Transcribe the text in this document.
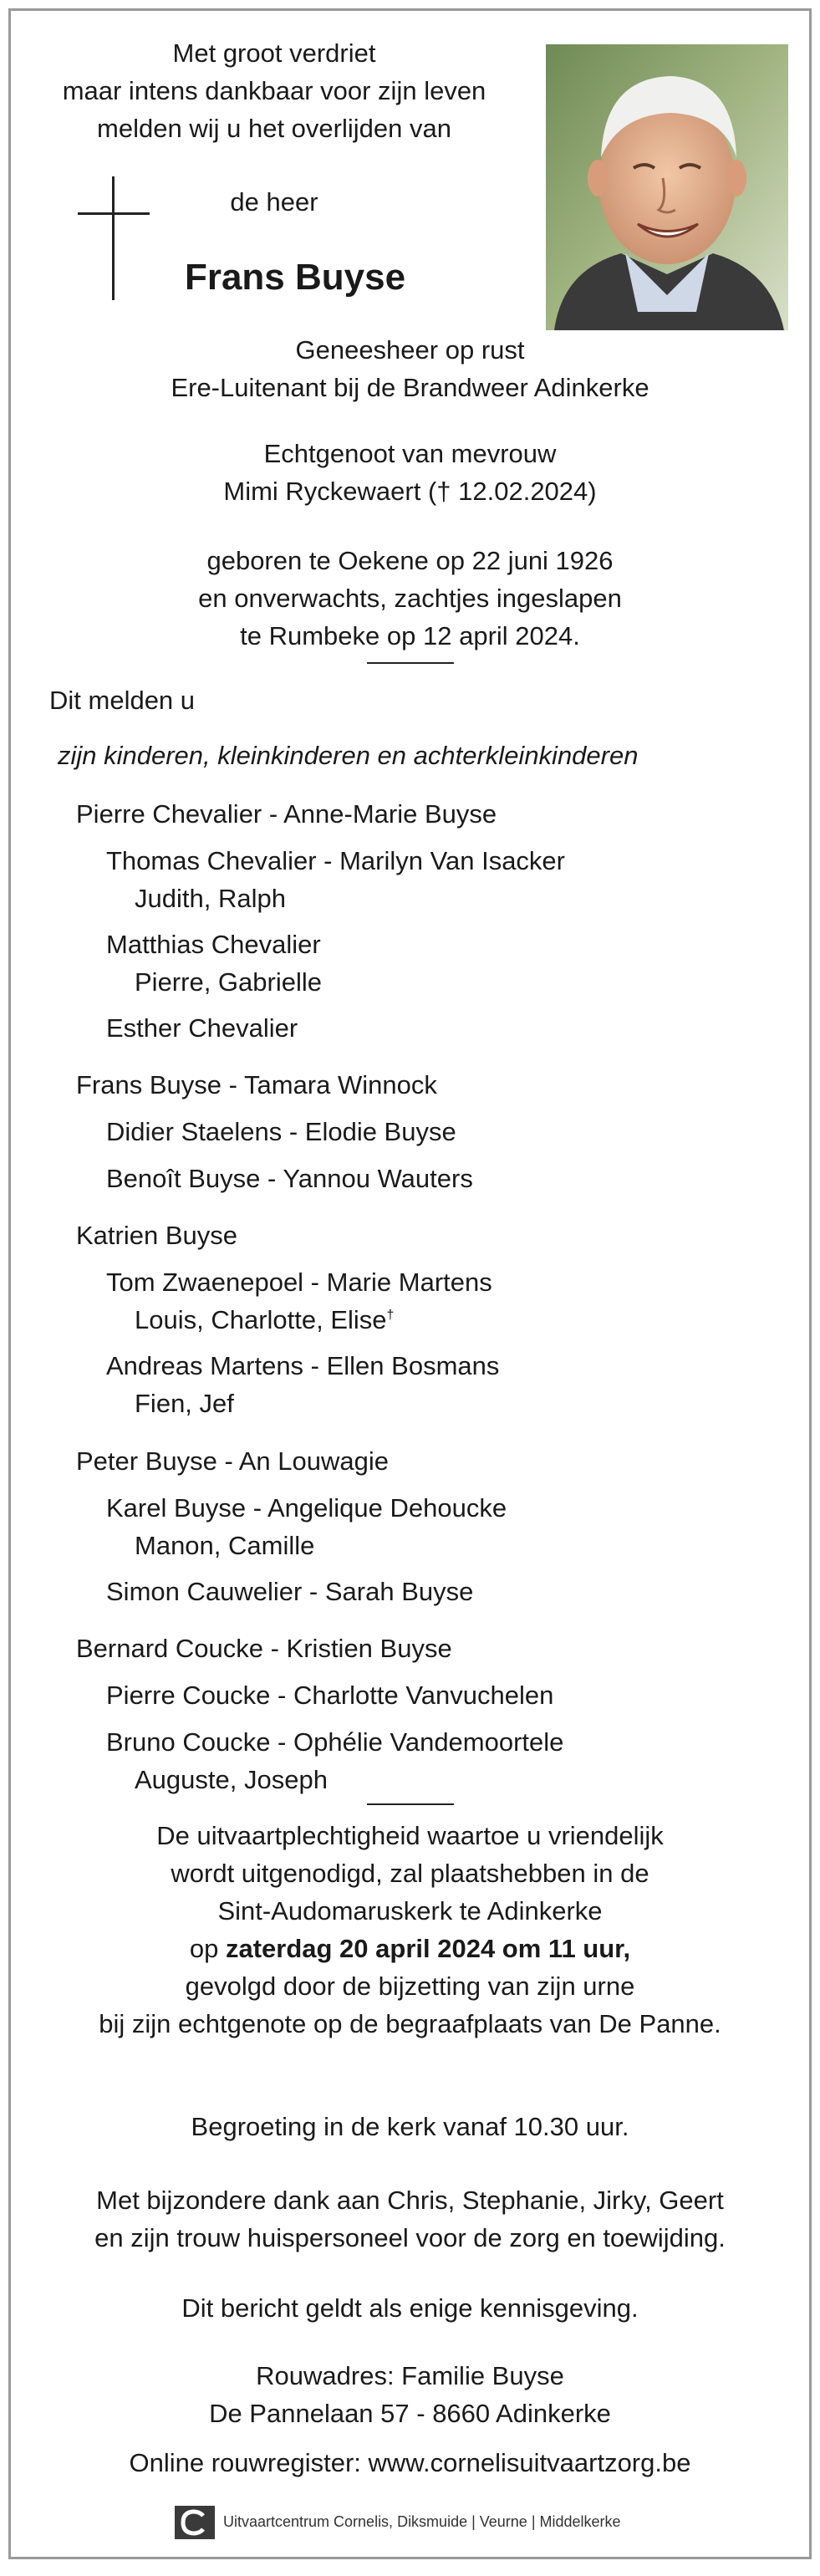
Met groot verdriet
maar intens dankbaar voor zijn leven
melden wij u het overlijden van
de heer
Frans Buyse
Geneesheer op rust
Ere-Luitenant bij de Brandweer Adinkerke
Echtgenoot van mevrouw
Mimi Ryckewaert († 12.02.2024)
geboren te Oekene op 22 juni 1926
en onverwachts, zachtjes ingeslapen
te Rumbeke op 12 april 2024.
Dit melden u
zijn kinderen, kleinkinderen en achterkleinkinderen
Pierre Chevalier - Anne-Marie Buyse
Thomas Chevalier - Marilyn Van Isacker
Judith, Ralph
Matthias Chevalier
Pierre, Gabrielle
Esther Chevalier
Frans Buyse - Tamara Winnock
Didier Staelens - Elodie Buyse
Benoît Buyse - Yannou Wauters
Katrien Buyse
Tom Zwaenepoel - Marie Martens
Louis, Charlotte, Elise†
Andreas Martens - Ellen Bosmans
Fien, Jef
Peter Buyse - An Louwagie
Karel Buyse - Angelique Dehoucke
Manon, Camille
Simon Cauwelier - Sarah Buyse
Bernard Coucke - Kristien Buyse
Pierre Coucke - Charlotte Vanvuchelen
Bruno Coucke - Ophélie Vandemoortele
Auguste, Joseph
De uitvaartplechtigheid waartoe u vriendelijk
wordt uitgenodigd, zal plaatshebben in de
Sint-Audomaruskerk te Adinkerke
op zaterdag 20 april 2024 om 11 uur,
gevolgd door de bijzetting van zijn urne
bij zijn echtgenote op de begraafplaats van De Panne.
Begroeting in de kerk vanaf 10.30 uur.
Met bijzondere dank aan Chris, Stephanie, Jirky, Geert
en zijn trouw huispersoneel voor de zorg en toewijding.
Dit bericht geldt als enige kennisgeving.
Rouwadres: Familie Buyse
De Pannelaan 57 - 8660 Adinkerke
Online rouwregister: www.cornelisuitvaartzorg.be
Uitvaartcentrum Cornelis, Diksmuide | Veurne | Middelkerke
